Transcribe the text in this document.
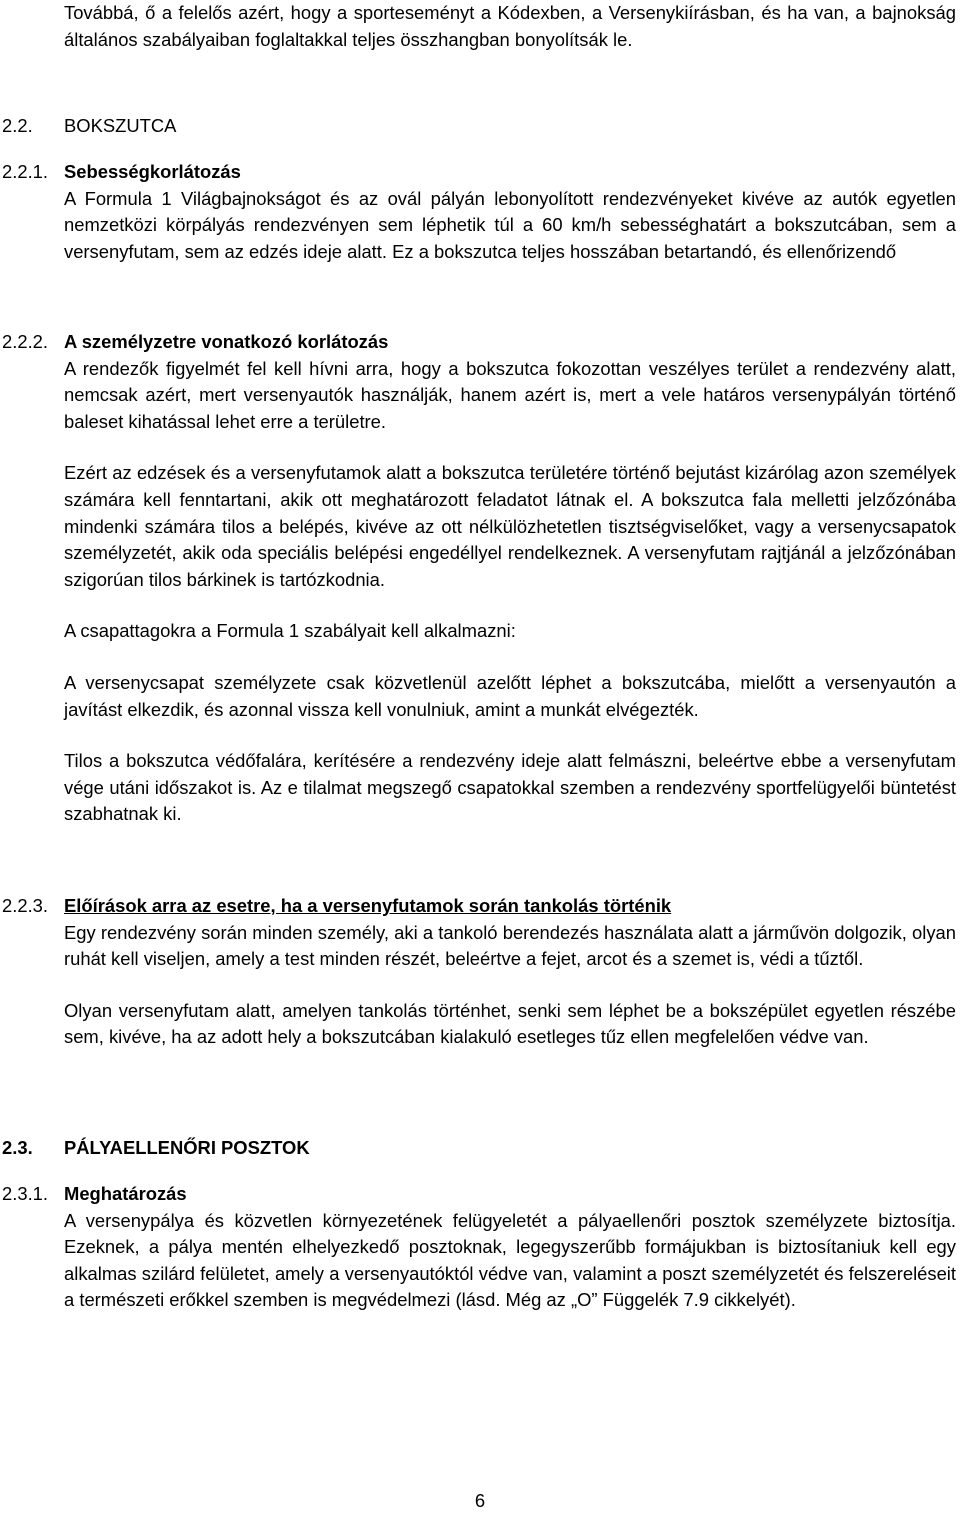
Továbbá, ő a felelős azért, hogy a sporteseményt a Kódexben, a Versenykiírásban, és ha van, a bajnokság általános szabályaiban foglaltakkal teljes összhangban bonyolítsák le.

2.2. BOKSZUTCA
2.2.1. Sebességkorlátozás

A Formula 1 Világbajnokságot és az ovál pályán lebonyolított rendezvényeket kivéve az autók egyetlen nemzetközi körpályás rendezvényen sem léphetik túl a 60 km/h sebességhatárt a bokszutcában, sem a versenyfutam, sem az edzés ideje alatt. Ez a bokszutca teljes hosszában betartandó, és ellenőrizendő

2.2.2. A személyzetre vonatkozó korlátozás

A rendezők figyelmét fel kell hívni arra, hogy a bokszutca fokozottan veszélyes terület a rendezvény alatt, nemcsak azért, mert versenyautók használják, hanem azért is, mert a vele határos versenypályán történő baleset kihatással lehet erre a területre.

Ezért az edzések és a versenyfutamok alatt a bokszutca területére történő bejutást kizárólag azon személyek számára kell fenntartani, akik ott meghatározott feladatot látnak el. A bokszutca fala melletti jelzőzónába mindenki számára tilos a belépés, kivéve az ott nélkülözhetetlen tisztségviselőket, vagy a versenycsapatok személyzetét, akik oda speciális belépési engedéllyel rendelkeznek. A versenyfutam rajtjánál a jelzőzónában szigorúan tilos bárkinek is tartózkodnia.

A csapattagokra a Formula 1 szabályait kell alkalmazni:

A versenycsapat személyzete csak közvetlenül azelőtt léphet a bokszutcába, mielőtt a versenyautón a javítást elkezdik, és azonnal vissza kell vonulniuk, amint a munkát elvégezték.

Tilos a bokszutca védőfalára, kerítésére a rendezvény ideje alatt felmászni, beleértve ebbe a versenyfutam vége utáni időszakot is. Az e tilalmat megszegő csapatokkal szemben a rendezvény sportfelügyelői büntetést szabhatnak ki.

2.2.3. Előírások arra az esetre, ha a versenyfutamok során tankolás történik

Egy rendezvény során minden személy, aki a tankoló berendezés használata alatt a járművön dolgozik, olyan ruhát kell viseljen, amely a test minden részét, beleértve a fejet, arcot és a szemet is, védi a tűztől.

Olyan versenyfutam alatt, amelyen tankolás történhet, senki sem léphet be a bokszépület egyetlen részébe sem, kivéve, ha az adott hely a bokszutcában kialakuló esetleges tűz ellen megfelelően védve van.

2.3. PÁLYAELLENŐRI POSZTOK
2.3.1. Meghatározás

A versenypálya és közvetlen környezetének felügyeletét a pályaellenőri posztok személyzete biztosítja. Ezeknek, a pálya mentén elhelyezkedő posztoknak, legegyszerűbb formájukban is biztosítaniuk kell egy alkalmas szilárd felületet, amely a versenyautóktól védve van, valamint a poszt személyzetét és felszereléseit a természeti erőkkel szemben is megvédelmezi (lásd. Még az „O” Függelék 7.9 cikkelyét).

6
